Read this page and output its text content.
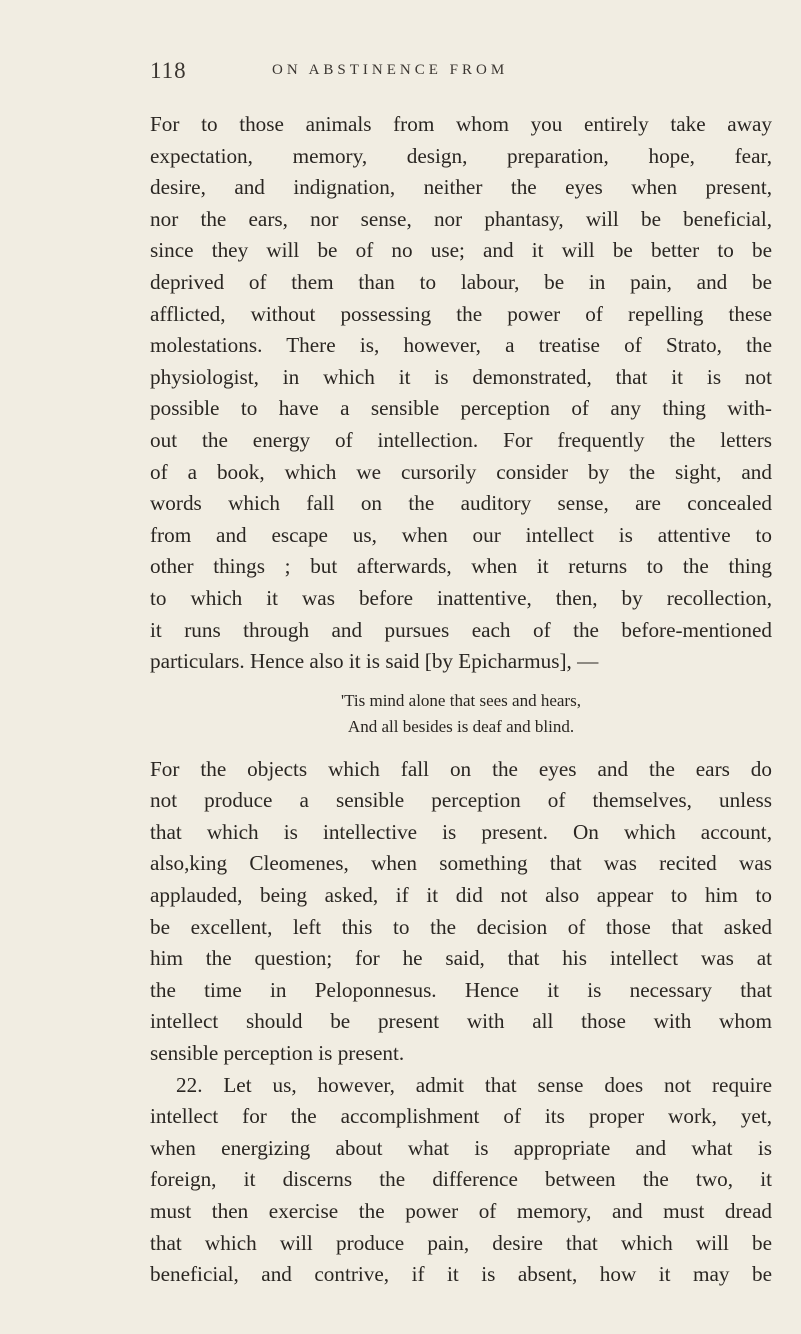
118	ON ABSTINENCE FROM

For to those animals from whom you entirely take away
expectation, memory, design, preparation, hope, fear,
desire, and indignation, neither the eyes when present,
nor the ears, nor sense, nor phantasy, will be beneficial,
since they will be of no use; and it will be better to be
deprived of them than to labour, be in pain, and be
afflicted, without possessing the power of repelling these
molestations. There is, however, a treatise of Strato, the
physiologist, in which it is demonstrated, that it is not
possible to have a sensible perception of any thing with-
out the energy of intellection. For frequently the letters
of a book, which we cursorily consider by the sight, and
words which fall on the auditory sense, are concealed
from and escape us, when our intellect is attentive to
other things ; but afterwards, when it returns to the thing
to which it was before inattentive, then, by recollection,
it runs through and pursues each of the before-mentioned
particulars. Hence also it is said [by Epicharmus], —

'Tis mind alone that sees and hears,
And all besides is deaf and blind.

For the objects which fall on the eyes and the ears do
not produce a sensible perception of themselves, unless
that which is intellective is present. On which account,
also,king Cleomenes, when something that was recited was
applauded, being asked, if it did not also appear to him to
be excellent, left this to the decision of those that asked
him the question; for he said, that his intellect was at
the time in Peloponnesus. Hence it is necessary that
intellect should be present with all those with whom
sensible perception is present.

22. Let us, however, admit that sense does not require
intellect for the accomplishment of its proper work, yet,
when energizing about what is appropriate and what is
foreign, it discerns the difference between the two, it
must then exercise the power of memory, and must dread
that which will produce pain, desire that which will be
beneficial, and contrive, if it is absent, how it may be
